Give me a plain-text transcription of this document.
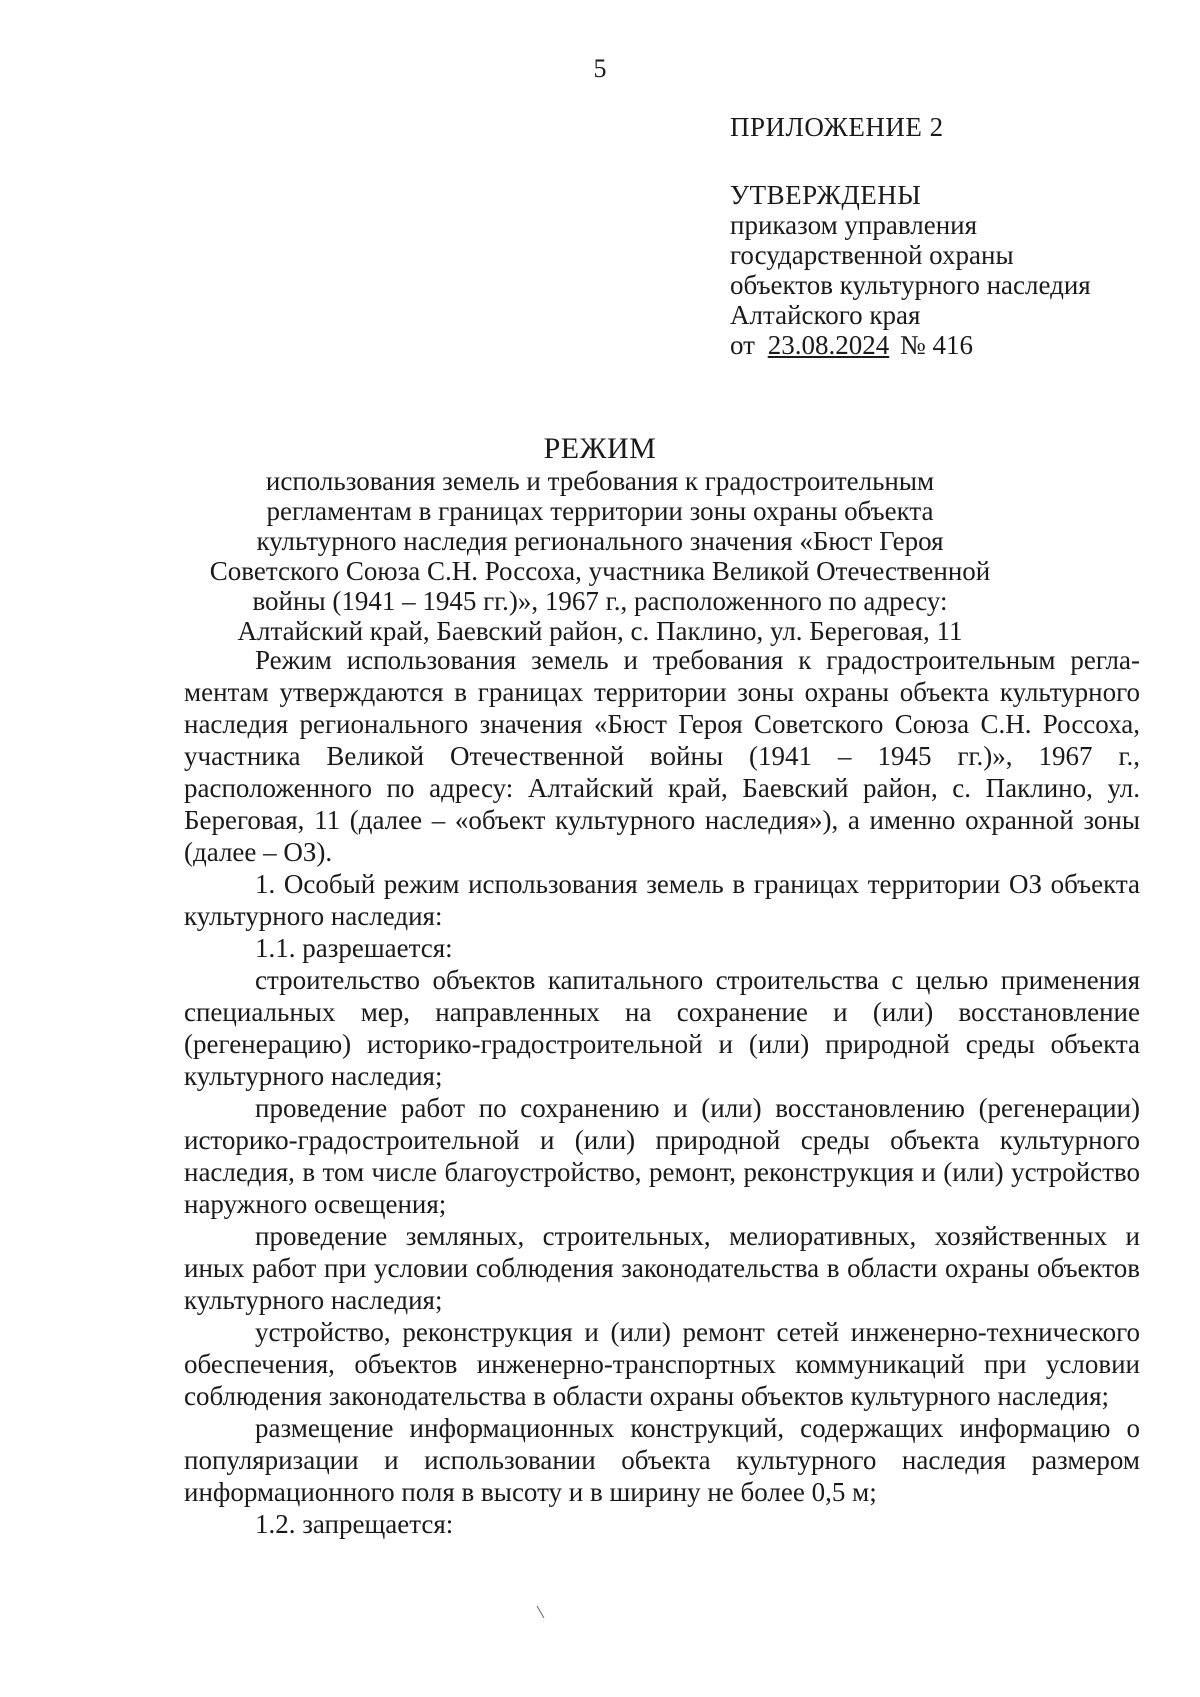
5
ПРИЛОЖЕНИЕ 2
УТВЕРЖДЕНЫ
приказом управления
государственной охраны
объектов культурного наследия
Алтайского края
от 23.08.2024 № 416
РЕЖИМ
использования земель и требования к градостроительным
регламентам в границах территории зоны охраны объекта
культурного наследия регионального значения «Бюст Героя
Советского Союза С.Н. Россоха, участника Великой Отечественной
войны (1941 – 1945 гг.)», 1967 г., расположенного по адресу:
Алтайский край, Баевский район, с. Паклино, ул. Береговая, 11

Режим использования земель и требования к градостроительным регламентам утверждаются в границах территории зоны охраны объекта культурного наследия регионального значения «Бюст Героя Советского Союза С.Н. Россоха, участника Великой Отечественной войны (1941 – 1945 гг.)», 1967 г., расположенного по адресу: Алтайский край, Баевский район, с. Паклино, ул. Береговая, 11 (далее – «объект культурного наследия»), а именно охранной зоны (далее – ОЗ).

1. Особый режим использования земель в границах территории ОЗ объекта культурного наследия:

1.1. разрешается:

строительство объектов капитального строительства с целью применения специальных мер, направленных на сохранение и (или) восстановление (регенерацию) историко-градостроительной и (или) природной среды объекта культурного наследия;

проведение работ по сохранению и (или) восстановлению (регенерации) историко-градостроительной и (или) природной среды объекта культурного наследия, в том числе благоустройство, ремонт, реконструкция и (или) устройство наружного освещения;

проведение земляных, строительных, мелиоративных, хозяйственных и иных работ при условии соблюдения законодательства в области охраны объектов культурного наследия;

устройство, реконструкция и (или) ремонт сетей инженерно-технического обеспечения, объектов инженерно-транспортных коммуникаций при условии соблюдения законодательства в области охраны объектов культурного наследия;

размещение информационных конструкций, содержащих информацию о популяризации и использовании объекта культурного наследия размером информационного поля в высоту и в ширину не более 0,5 м;

1.2. запрещается:
